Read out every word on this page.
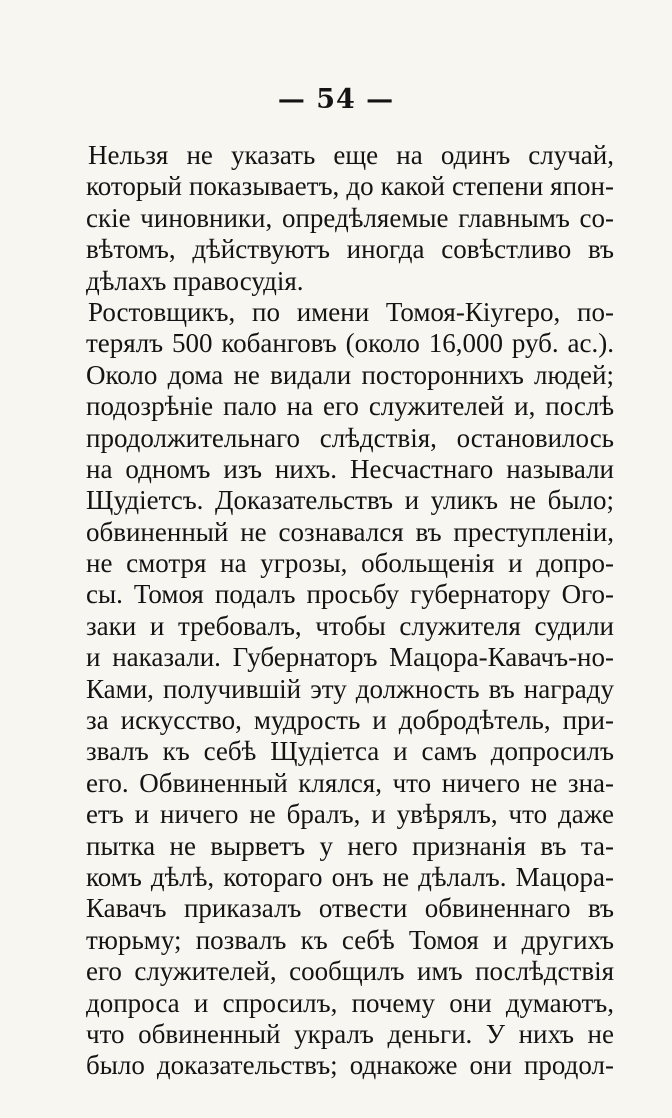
— 54 —
Нельзя не указать еще на одинъ случай,
который показываетъ, до какой степени япон-
скіе чиновники, опредѣляемые главнымъ со-
вѣтомъ, дѣйствуютъ иногда совѣстливо въ
дѣлахъ правосудія.
Ростовщикъ, по имени Томоя-Кіугеро, по-
терялъ 500 кобанговъ (около 16,000 руб. ас.).
Около дома не видали постороннихъ людей;
подозрѣніе пало на его служителей и, послѣ
продолжительнаго слѣдствія, остановилось
на одномъ изъ нихъ. Несчастнаго называли
Щудіетсъ. Доказательствъ и уликъ не было;
обвиненный не сознавался въ преступленіи,
не смотря на угрозы, обольщенія и допро-
сы. Томоя подалъ просьбу губернатору Ого-
заки и требовалъ, чтобы служителя судили
и наказали. Губернаторъ Мацора-Кавачъ-но-
Ками, получившій эту должность въ награду
за искусство, мудрость и добродѣтель, при-
звалъ къ себѣ Щудіетса и самъ допросилъ
его. Обвиненный клялся, что ничего не зна-
етъ и ничего не бралъ, и увѣрялъ, что даже
пытка не вырветъ у него признанія въ та-
комъ дѣлѣ, котораго онъ не дѣлалъ. Мацора-
Кавачъ приказалъ отвести обвиненнаго въ
тюрьму; позвалъ къ себѣ Томоя и другихъ
его служителей, сообщилъ имъ послѣдствія
допроса и спросилъ, почему они думаютъ,
что обвиненный укралъ деньги. У нихъ не
было доказательствъ; однакоже они продол-
